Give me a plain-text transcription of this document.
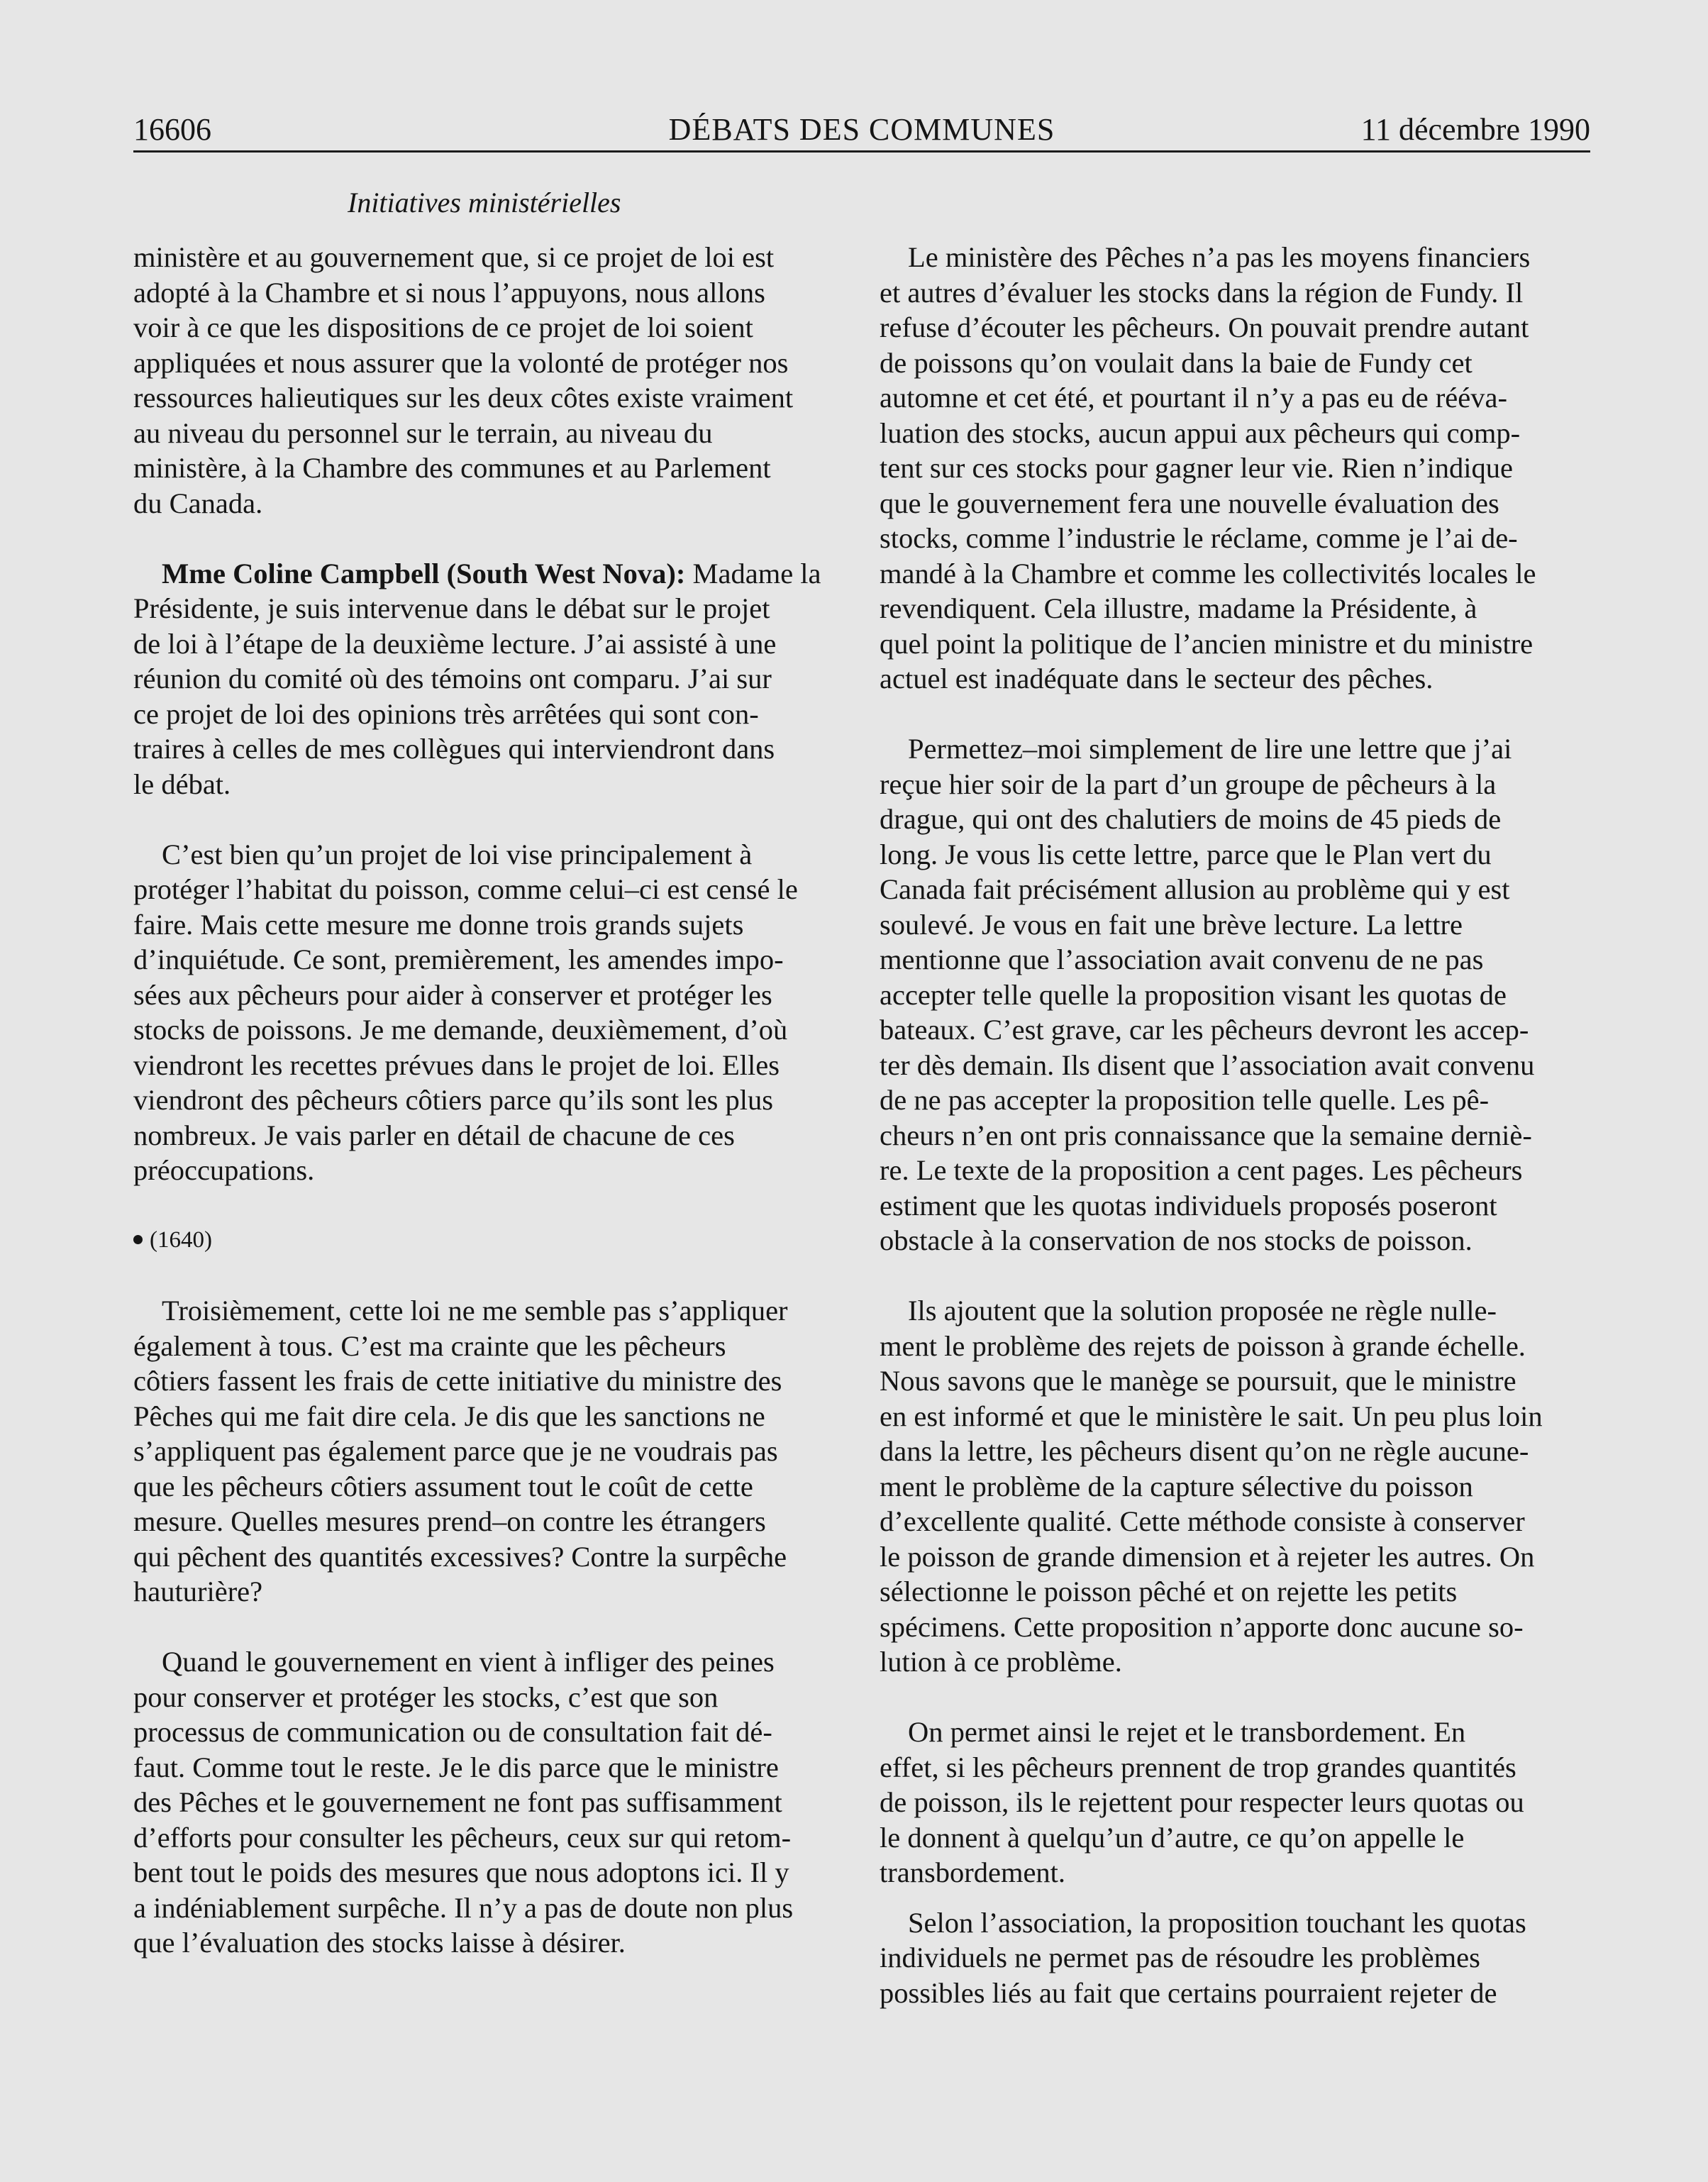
16606	DÉBATS DES COMMUNES	11 décembre 1990
Initiatives ministérielles

ministère et au gouvernement que, si ce projet de loi est
adopté à la Chambre et si nous l’appuyons, nous allons
voir à ce que les dispositions de ce projet de loi soient
appliquées et nous assurer que la volonté de protéger nos
ressources halieutiques sur les deux côtes existe vraiment
au niveau du personnel sur le terrain, au niveau du
ministère, à la Chambre des communes et au Parlement
du Canada.

Mme Coline Campbell (South West Nova): Madame la
Présidente, je suis intervenue dans le débat sur le projet
de loi à l’étape de la deuxième lecture. J’ai assisté à une
réunion du comité où des témoins ont comparu. J’ai sur
ce projet de loi des opinions très arrêtées qui sont con-
traires à celles de mes collègues qui interviendront dans
le débat.

C’est bien qu’un projet de loi vise principalement à
protéger l’habitat du poisson, comme celui–ci est censé le
faire. Mais cette mesure me donne trois grands sujets
d’inquiétude. Ce sont, premièrement, les amendes impo-
sées aux pêcheurs pour aider à conserver et protéger les
stocks de poissons. Je me demande, deuxièmement, d’où
viendront les recettes prévues dans le projet de loi. Elles
viendront des pêcheurs côtiers parce qu’ils sont les plus
nombreux. Je vais parler en détail de chacune de ces
préoccupations.

(1640)

Troisièmement, cette loi ne me semble pas s’appliquer
également à tous. C’est ma crainte que les pêcheurs
côtiers fassent les frais de cette initiative du ministre des
Pêches qui me fait dire cela. Je dis que les sanctions ne
s’appliquent pas également parce que je ne voudrais pas
que les pêcheurs côtiers assument tout le coût de cette
mesure. Quelles mesures prend–on contre les étrangers
qui pêchent des quantités excessives? Contre la surpêche
hauturière?

Quand le gouvernement en vient à infliger des peines
pour conserver et protéger les stocks, c’est que son
processus de communication ou de consultation fait dé-
faut. Comme tout le reste. Je le dis parce que le ministre
des Pêches et le gouvernement ne font pas suffisamment
d’efforts pour consulter les pêcheurs, ceux sur qui retom-
bent tout le poids des mesures que nous adoptons ici. Il y
a indéniablement surpêche. Il n’y a pas de doute non plus
que l’évaluation des stocks laisse à désirer.

Le ministère des Pêches n’a pas les moyens financiers
et autres d’évaluer les stocks dans la région de Fundy. Il
refuse d’écouter les pêcheurs. On pouvait prendre autant
de poissons qu’on voulait dans la baie de Fundy cet
automne et cet été, et pourtant il n’y a pas eu de rééva-
luation des stocks, aucun appui aux pêcheurs qui comp-
tent sur ces stocks pour gagner leur vie. Rien n’indique
que le gouvernement fera une nouvelle évaluation des
stocks, comme l’industrie le réclame, comme je l’ai de-
mandé à la Chambre et comme les collectivités locales le
revendiquent. Cela illustre, madame la Présidente, à
quel point la politique de l’ancien ministre et du ministre
actuel est inadéquate dans le secteur des pêches.

Permettez–moi simplement de lire une lettre que j’ai
reçue hier soir de la part d’un groupe de pêcheurs à la
drague, qui ont des chalutiers de moins de 45 pieds de
long. Je vous lis cette lettre, parce que le Plan vert du
Canada fait précisément allusion au problème qui y est
soulevé. Je vous en fait une brève lecture. La lettre
mentionne que l’association avait convenu de ne pas
accepter telle quelle la proposition visant les quotas de
bateaux. C’est grave, car les pêcheurs devront les accep-
ter dès demain. Ils disent que l’association avait convenu
de ne pas accepter la proposition telle quelle. Les pê-
cheurs n’en ont pris connaissance que la semaine derniè-
re. Le texte de la proposition a cent pages. Les pêcheurs
estiment que les quotas individuels proposés poseront
obstacle à la conservation de nos stocks de poisson.

Ils ajoutent que la solution proposée ne règle nulle-
ment le problème des rejets de poisson à grande échelle.
Nous savons que le manège se poursuit, que le ministre
en est informé et que le ministère le sait. Un peu plus loin
dans la lettre, les pêcheurs disent qu’on ne règle aucune-
ment le problème de la capture sélective du poisson
d’excellente qualité. Cette méthode consiste à conserver
le poisson de grande dimension et à rejeter les autres. On
sélectionne le poisson pêché et on rejette les petits
spécimens. Cette proposition n’apporte donc aucune so-
lution à ce problème.

On permet ainsi le rejet et le transbordement. En
effet, si les pêcheurs prennent de trop grandes quantités
de poisson, ils le rejettent pour respecter leurs quotas ou
le donnent à quelqu’un d’autre, ce qu’on appelle le
transbordement.

Selon l’association, la proposition touchant les quotas
individuels ne permet pas de résoudre les problèmes
possibles liés au fait que certains pourraient rejeter de
